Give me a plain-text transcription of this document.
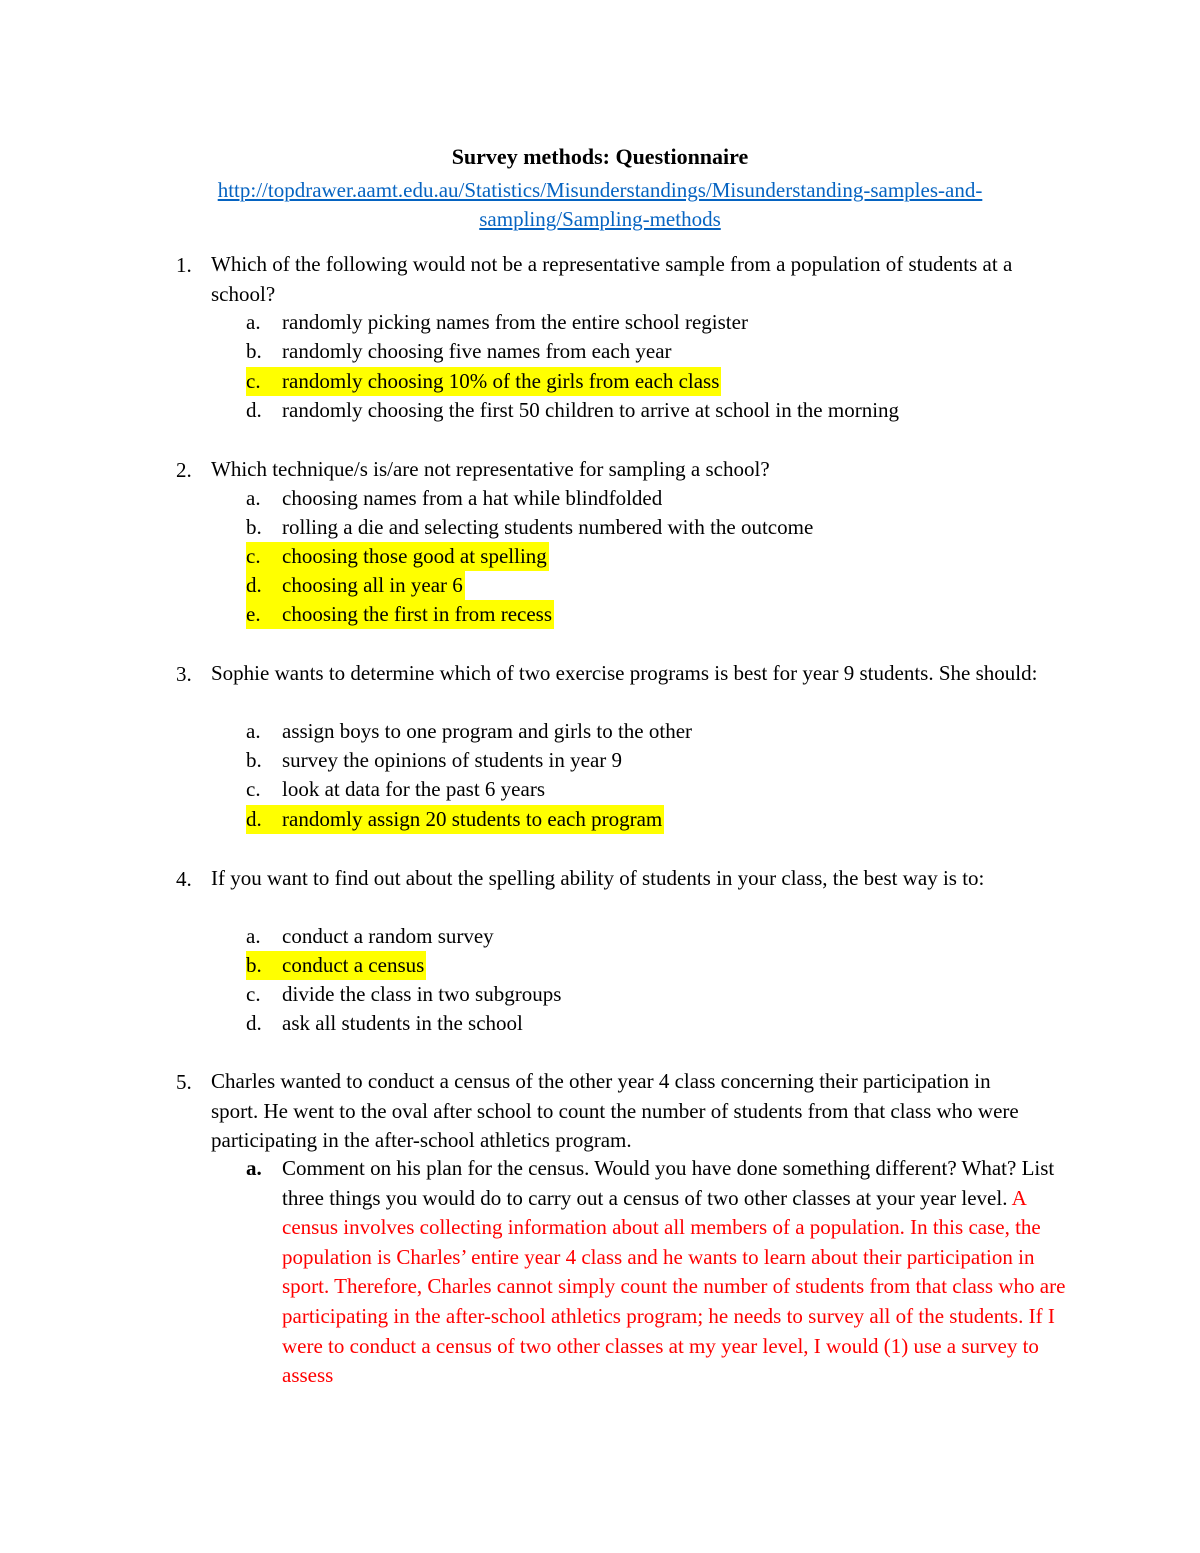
Survey methods: Questionnaire
http://topdrawer.aamt.edu.au/Statistics/Misunderstandings/Misunderstanding-samples-and-
sampling/Sampling-methods
1. Which of the following would not be a representative sample from a population of students at a school?
a. randomly picking names from the entire school register
b. randomly choosing five names from each year
c. randomly choosing 10% of the girls from each class
d. randomly choosing the first 50 children to arrive at school in the morning
2. Which technique/s is/are not representative for sampling a school?
a. choosing names from a hat while blindfolded
b. rolling a die and selecting students numbered with the outcome
c. choosing those good at spelling
d. choosing all in year 6
e. choosing the first in from recess
3. Sophie wants to determine which of two exercise programs is best for year 9 students. She should:
a. assign boys to one program and girls to the other
b. survey the opinions of students in year 9
c. look at data for the past 6 years
d. randomly assign 20 students to each program
4. If you want to find out about the spelling ability of students in your class, the best way is to:
a. conduct a random survey
b. conduct a census
c. divide the class in two subgroups
d. ask all students in the school
5. Charles wanted to conduct a census of the other year 4 class concerning their participation in sport. He went to the oval after school to count the number of students from that class who were participating in the after-school athletics program.
a. Comment on his plan for the census. Would you have done something different? What? List three things you would do to carry out a census of two other classes at your year level. A census involves collecting information about all members of a population. In this case, the population is Charles’ entire year 4 class and he wants to learn about their participation in sport. Therefore, Charles cannot simply count the number of students from that class who are participating in the after-school athletics program; he needs to survey all of the students. If I were to conduct a census of two other classes at my year level, I would (1) use a survey to assess
